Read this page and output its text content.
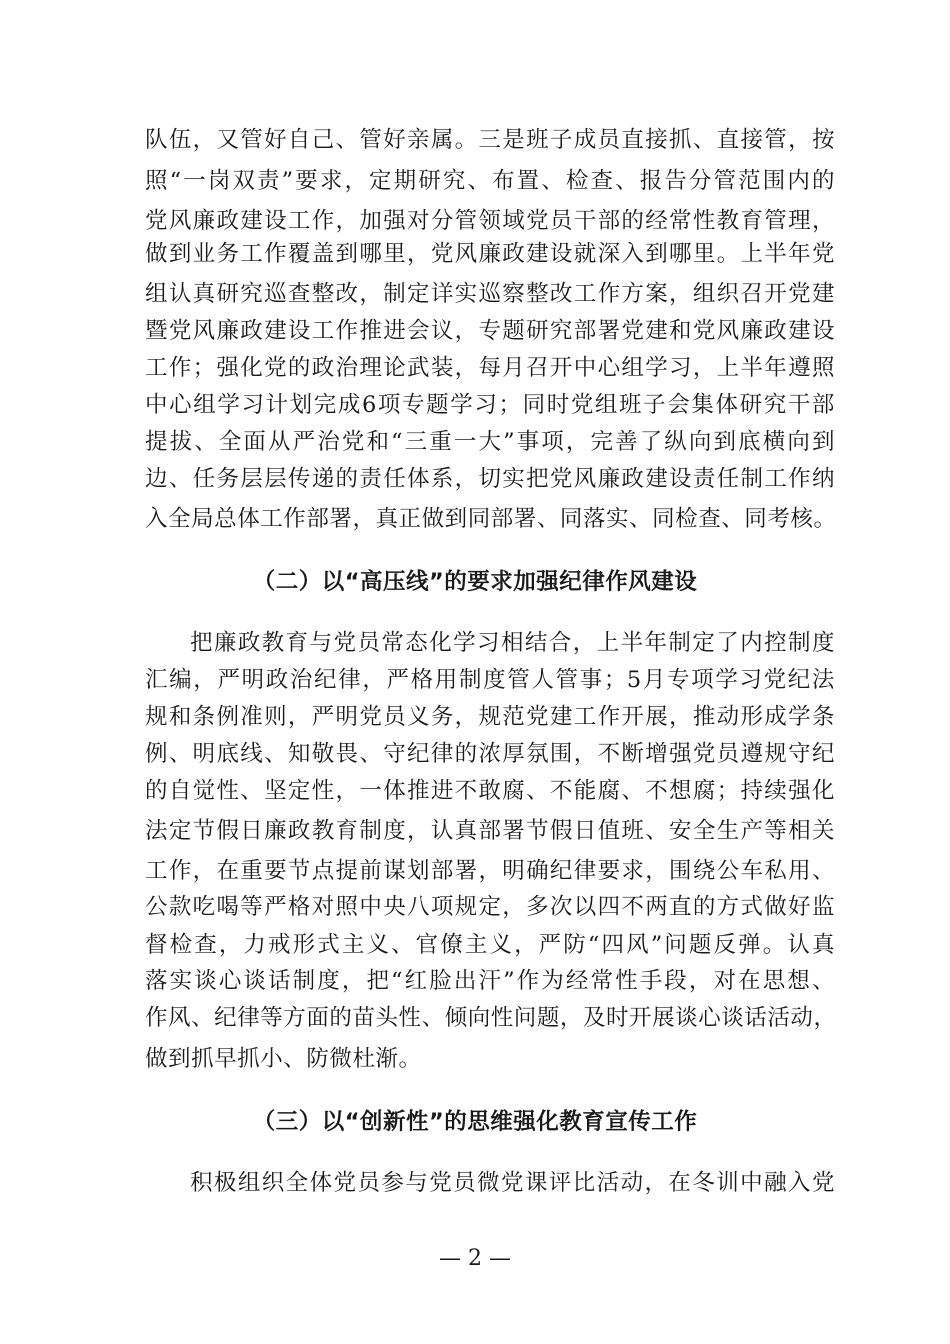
队伍，又管好自己、管好亲属。三是班子成员直接抓、直接管，按
照“一岗双责”要求，定期研究、布置、检查、报告分管范围内的
党风廉政建设工作，加强对分管领域党员干部的经常性教育管理，
做到业务工作覆盖到哪里，党风廉政建设就深入到哪里。上半年党
组认真研究巡查整改，制定详实巡察整改工作方案，组织召开党建
暨党风廉政建设工作推进会议，专题研究部署党建和党风廉政建设
工作；强化党的政治理论武装，每月召开中心组学习，上半年遵照
中心组学习计划完成6项专题学习；同时党组班子会集体研究干部
提拔、全面从严治党和“三重一大”事项，完善了纵向到底横向到
边、任务层层传递的责任体系，切实把党风廉政建设责任制工作纳
入全局总体工作部署，真正做到同部署、同落实、同检查、同考核。
（二）以“高压线”的要求加强纪律作风建设
把廉政教育与党员常态化学习相结合，上半年制定了内控制度
汇编，严明政治纪律，严格用制度管人管事；5月专项学习党纪法
规和条例准则，严明党员义务，规范党建工作开展，推动形成学条
例、明底线、知敬畏、守纪律的浓厚氛围，不断增强党员遵规守纪
的自觉性、坚定性，一体推进不敢腐、不能腐、不想腐；持续强化
法定节假日廉政教育制度，认真部署节假日值班、安全生产等相关
工作，在重要节点提前谋划部署，明确纪律要求，围绕公车私用、
公款吃喝等严格对照中央八项规定，多次以四不两直的方式做好监
督检查，力戒形式主义、官僚主义，严防“四风”问题反弹。认真
落实谈心谈话制度，把“红脸出汗”作为经常性手段，对在思想、
作风、纪律等方面的苗头性、倾向性问题，及时开展谈心谈话活动，
做到抓早抓小、防微杜渐。
（三）以“创新性”的思维强化教育宣传工作
积极组织全体党员参与党员微党课评比活动，在冬训中融入党
— 2 —
